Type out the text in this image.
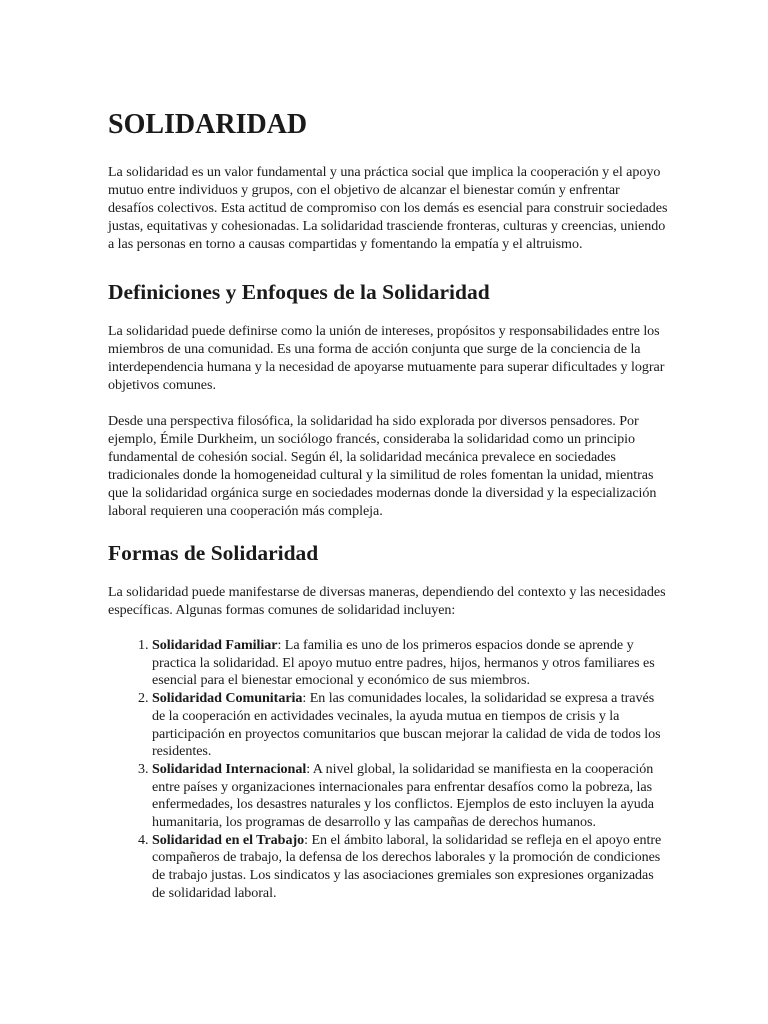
SOLIDARIDAD

La solidaridad es un valor fundamental y una práctica social que implica la cooperación y el apoyo mutuo entre individuos y grupos, con el objetivo de alcanzar el bienestar común y enfrentar desafíos colectivos. Esta actitud de compromiso con los demás es esencial para construir sociedades justas, equitativas y cohesionadas. La solidaridad trasciende fronteras, culturas y creencias, uniendo a las personas en torno a causas compartidas y fomentando la empatía y el altruismo.

Definiciones y Enfoques de la Solidaridad

La solidaridad puede definirse como la unión de intereses, propósitos y responsabilidades entre los miembros de una comunidad. Es una forma de acción conjunta que surge de la conciencia de la interdependencia humana y la necesidad de apoyarse mutuamente para superar dificultades y lograr objetivos comunes.

Desde una perspectiva filosófica, la solidaridad ha sido explorada por diversos pensadores. Por ejemplo, Émile Durkheim, un sociólogo francés, consideraba la solidaridad como un principio fundamental de cohesión social. Según él, la solidaridad mecánica prevalece en sociedades tradicionales donde la homogeneidad cultural y la similitud de roles fomentan la unidad, mientras que la solidaridad orgánica surge en sociedades modernas donde la diversidad y la especialización laboral requieren una cooperación más compleja.

Formas de Solidaridad

La solidaridad puede manifestarse de diversas maneras, dependiendo del contexto y las necesidades específicas. Algunas formas comunes de solidaridad incluyen:

1. Solidaridad Familiar: La familia es uno de los primeros espacios donde se aprende y practica la solidaridad. El apoyo mutuo entre padres, hijos, hermanos y otros familiares es esencial para el bienestar emocional y económico de sus miembros.
2. Solidaridad Comunitaria: En las comunidades locales, la solidaridad se expresa a través de la cooperación en actividades vecinales, la ayuda mutua en tiempos de crisis y la participación en proyectos comunitarios que buscan mejorar la calidad de vida de todos los residentes.
3. Solidaridad Internacional: A nivel global, la solidaridad se manifiesta en la cooperación entre países y organizaciones internacionales para enfrentar desafíos como la pobreza, las enfermedades, los desastres naturales y los conflictos. Ejemplos de esto incluyen la ayuda humanitaria, los programas de desarrollo y las campañas de derechos humanos.
4. Solidaridad en el Trabajo: En el ámbito laboral, la solidaridad se refleja en el apoyo entre compañeros de trabajo, la defensa de los derechos laborales y la promoción de condiciones de trabajo justas. Los sindicatos y las asociaciones gremiales son expresiones organizadas de solidaridad laboral.
